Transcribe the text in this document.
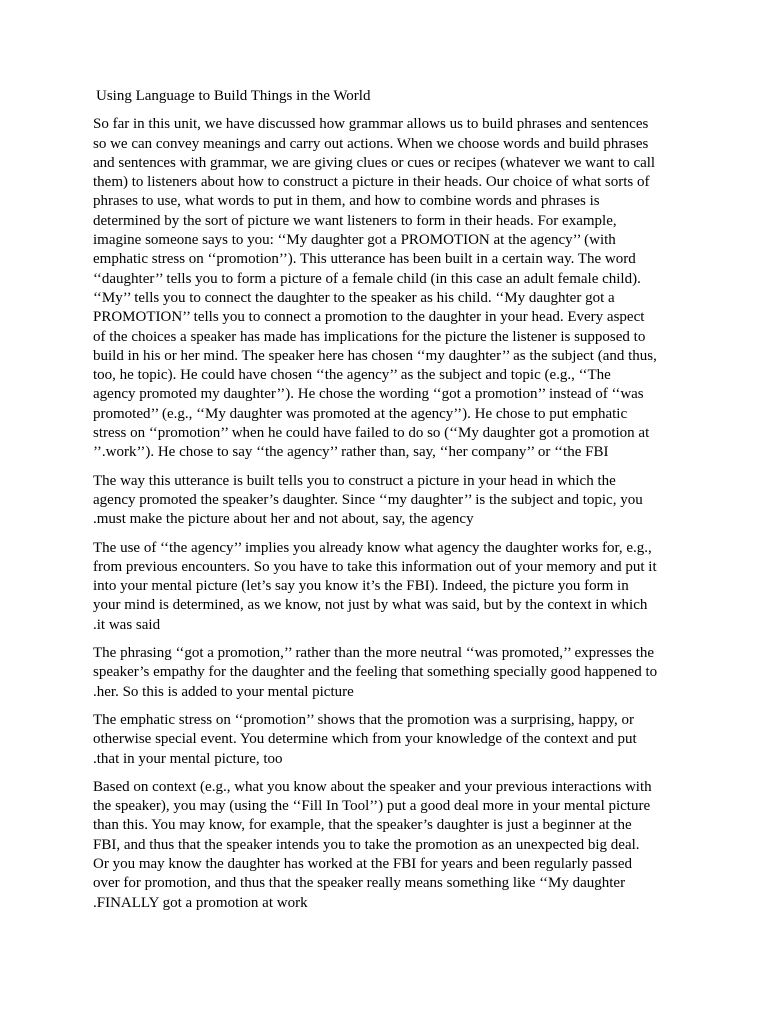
Using Language to Build Things in the World
So far in this unit, we have discussed how grammar allows us to build phrases and sentences
so we can convey meanings and carry out actions. When we choose words and build phrases
and sentences with grammar, we are giving clues or cues or recipes (whatever we want to call
them) to listeners about how to construct a picture in their heads. Our choice of what sorts of
phrases to use, what words to put in them, and how to combine words and phrases is
determined by the sort of picture we want listeners to form in their heads. For example,
imagine someone says to you: ‘‘My daughter got a PROMOTION at the agency’’ (with
emphatic stress on ‘‘promotion’’). This utterance has been built in a certain way. The word
‘‘daughter’’ tells you to form a picture of a female child (in this case an adult female child).
‘‘My’’ tells you to connect the daughter to the speaker as his child. ‘‘My daughter got a
PROMOTION’’ tells you to connect a promotion to the daughter in your head. Every aspect
of the choices a speaker has made has implications for the picture the listener is supposed to
build in his or her mind. The speaker here has chosen ‘‘my daughter’’ as the subject (and thus,
too, he topic). He could have chosen ‘‘the agency’’ as the subject and topic (e.g., ‘‘The
agency promoted my daughter’’). He chose the wording ‘‘got a promotion’’ instead of ‘‘was
promoted’’ (e.g., ‘‘My daughter was promoted at the agency’’). He chose to put emphatic
stress on ‘‘promotion’’ when he could have failed to do so (‘‘My daughter got a promotion at
’’.work’’). He chose to say ‘‘the agency’’ rather than, say, ‘‘her company’’ or ‘‘the FBI
The way this utterance is built tells you to construct a picture in your head in which the
agency promoted the speaker’s daughter. Since ‘‘my daughter’’ is the subject and topic, you
.must make the picture about her and not about, say, the agency
The use of ‘‘the agency’’ implies you already know what agency the daughter works for, e.g.,
from previous encounters. So you have to take this information out of your memory and put it
into your mental picture (let’s say you know it’s the FBI). Indeed, the picture you form in
your mind is determined, as we know, not just by what was said, but by the context in which
.it was said
The phrasing ‘‘got a promotion,’’ rather than the more neutral ‘‘was promoted,’’ expresses the
speaker’s empathy for the daughter and the feeling that something specially good happened to
.her. So this is added to your mental picture
The emphatic stress on ‘‘promotion’’ shows that the promotion was a surprising, happy, or
otherwise special event. You determine which from your knowledge of the context and put
.that in your mental picture, too
Based on context (e.g., what you know about the speaker and your previous interactions with
the speaker), you may (using the ‘‘Fill In Tool’’) put a good deal more in your mental picture
than this. You may know, for example, that the speaker’s daughter is just a beginner at the
FBI, and thus that the speaker intends you to take the promotion as an unexpected big deal.
Or you may know the daughter has worked at the FBI for years and been regularly passed
over for promotion, and thus that the speaker really means something like ‘‘My daughter
.FINALLY got a promotion at work
